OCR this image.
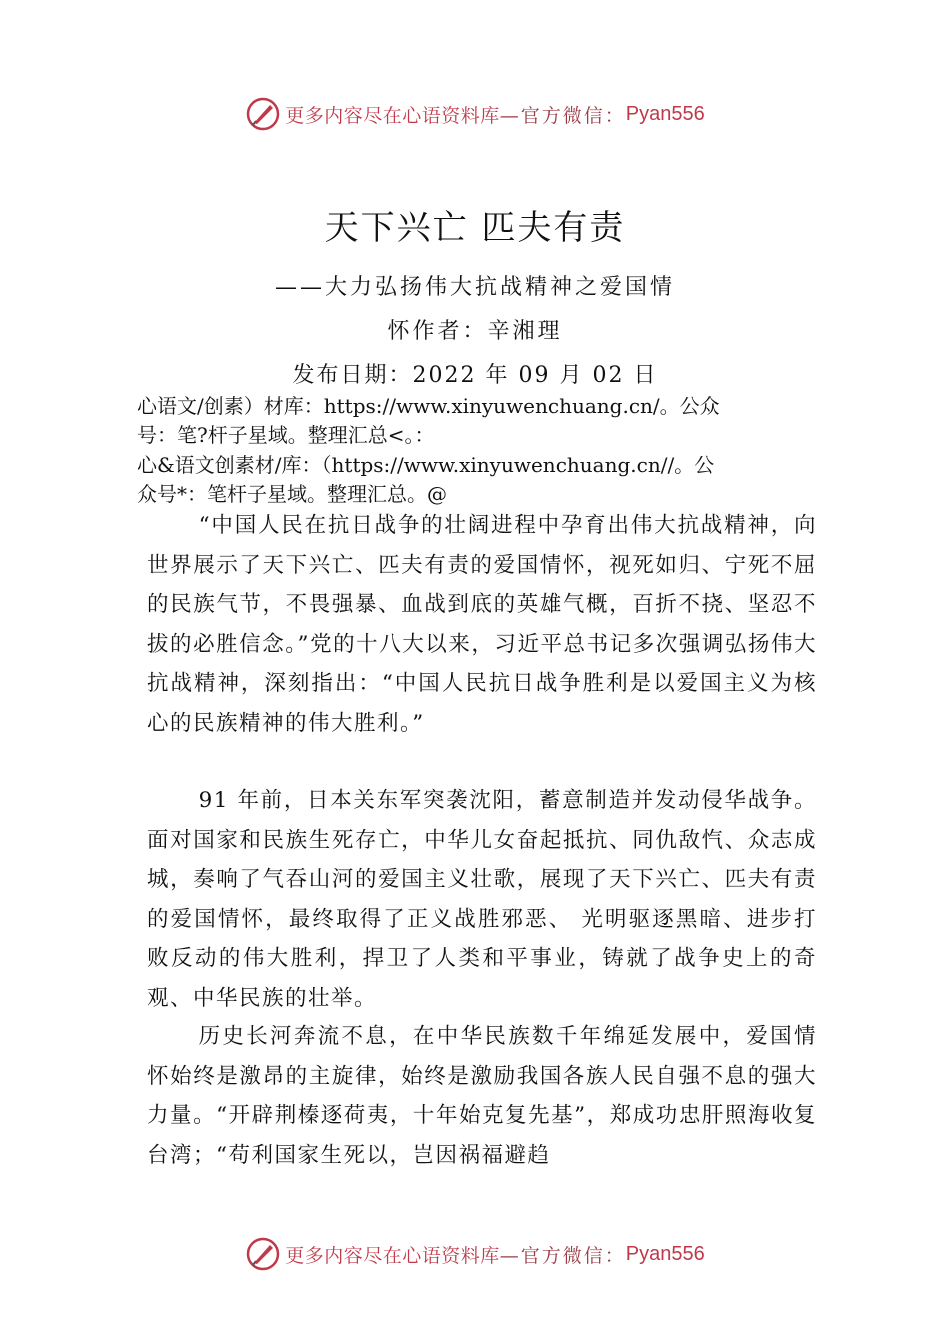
更多内容尽在心语资料库 —官方微信： Pyan556
天下兴亡 匹夫有责
——大力弘扬伟大抗战精神之爱国情
怀作者：辛湘理
发布日期：2022 年 09 月 02 日
心语文/创素）材库：https://www.xinyuwenchuang.cn/。公众
号：笔?杆子星域。整理汇总<。：
心&语文创素材/库：（https://www.xinyuwenchuang.cn//。公
众号*：笔杆子星域。整理汇总。@
“中国人民在抗日战争的壮阔进程中孕育出伟大抗战精神，向世界展示了天下兴亡、匹夫有责的爱国情怀，视死如归、宁死不屈的民族气节，不畏强暴、血战到底的英雄气概，百折不挠、坚忍不拔的必胜信念。”党的十八大以来，习近平总书记多次强调弘扬伟大抗战精神，深刻指出：“中国人民抗日战争胜利是以爱国主义为核心的民族精神的伟大胜利。”
91 年前，日本关东军突袭沈阳，蓄意制造并发动侵华战争。面对国家和民族生死存亡，中华儿女奋起抵抗、同仇敌忾、众志成城，奏响了气吞山河的爱国主义壮歌，展现了天下兴亡、匹夫有责的爱国情怀，最终取得了正义战胜邪恶、 光明驱逐黑暗、进步打败反动的伟大胜利，捍卫了人类和平事业，铸就了战争史上的奇观、中华民族的壮举。
历史长河奔流不息，在中华民族数千年绵延发展中，爱国情怀始终是激昂的主旋律，始终是激励我国各族人民自强不息的强大力量。“开辟荆榛逐荷夷，十年始克复先基”，郑成功忠肝照海收复台湾；“苟利国家生死以，岂因祸福避趋
更多内容尽在心语资料库 —官方微信： Pyan556
